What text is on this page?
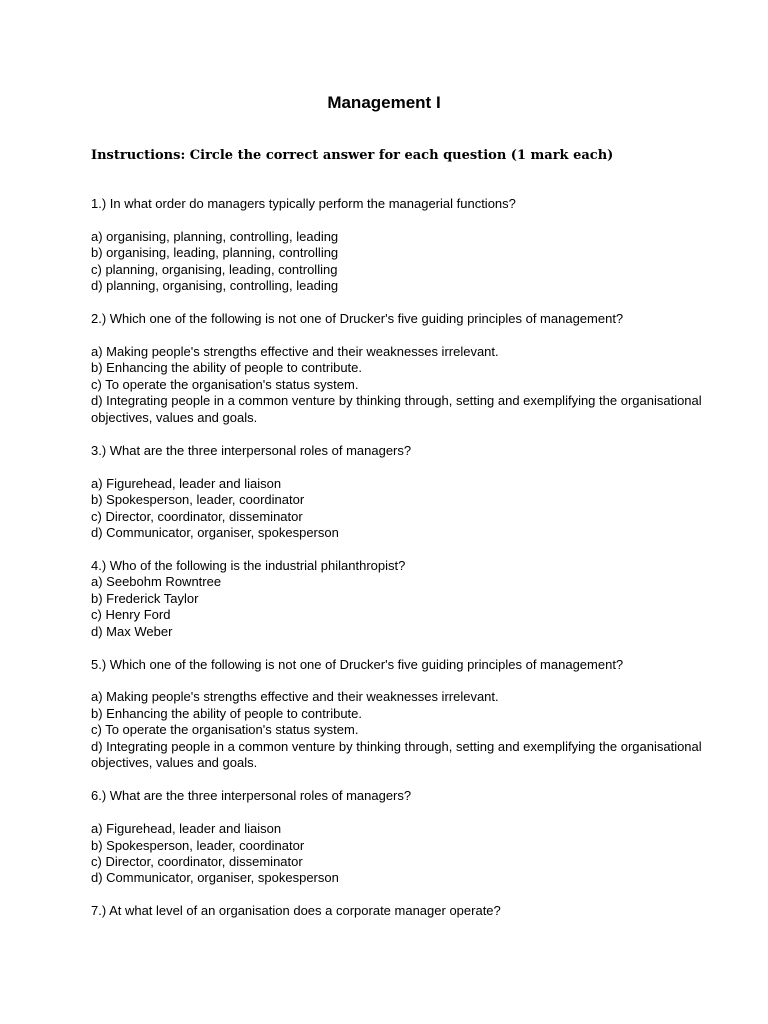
Management I
Instructions: Circle the correct answer for each question (1 mark each)
1.) In what order do managers typically perform the managerial functions?
a) organising, planning, controlling, leading
b) organising, leading, planning, controlling
c) planning, organising, leading, controlling
d) planning, organising, controlling, leading
2.) Which one of the following is not one of Drucker's five guiding principles of management?
a) Making people's strengths effective and their weaknesses irrelevant.
b) Enhancing the ability of people to contribute.
c) To operate the organisation's status system.
d) Integrating people in a common venture by thinking through, setting and exemplifying the organisational objectives, values and goals.
3.) What are the three interpersonal roles of managers?
a) Figurehead, leader and liaison
b) Spokesperson, leader, coordinator
c) Director, coordinator, disseminator
d) Communicator, organiser, spokesperson
4.) Who of the following is the industrial philanthropist?
a) Seebohm Rowntree
b) Frederick Taylor
c) Henry Ford
d) Max Weber
5.) Which one of the following is not one of Drucker's five guiding principles of management?
a) Making people's strengths effective and their weaknesses irrelevant.
b) Enhancing the ability of people to contribute.
c) To operate the organisation's status system.
d) Integrating people in a common venture by thinking through, setting and exemplifying the organisational objectives, values and goals.
6.) What are the three interpersonal roles of managers?
a) Figurehead, leader and liaison
b) Spokesperson, leader, coordinator
c) Director, coordinator, disseminator
d) Communicator, organiser, spokesperson
7.) At what level of an organisation does a corporate manager operate?
